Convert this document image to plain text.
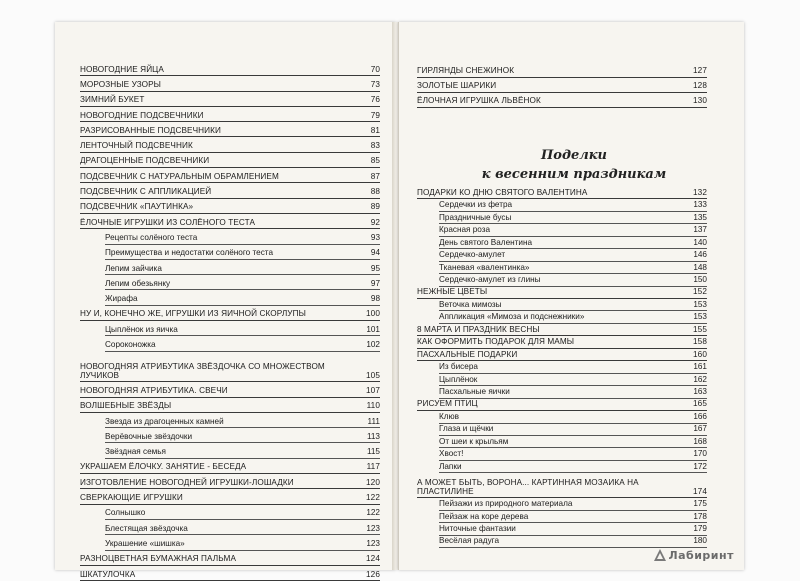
НОВОГОДНИЕ ЯЙЦА	70
МОРОЗНЫЕ УЗОРЫ	73
ЗИМНИЙ БУКЕТ	76
НОВОГОДНИЕ ПОДСВЕЧНИКИ	79
РАЗРИСОВАННЫЕ ПОДСВЕЧНИКИ	81
ЛЕНТОЧНЫЙ ПОДСВЕЧНИК	83
ДРАГОЦЕННЫЕ ПОДСВЕЧНИКИ	85
ПОДСВЕЧНИК С НАТУРАЛЬНЫМ ОБРАМЛЕНИЕМ	87
ПОДСВЕЧНИК С АППЛИКАЦИЕЙ	88
ПОДСВЕЧНИК «ПАУТИНКА»	89
ЁЛОЧНЫЕ ИГРУШКИ ИЗ СОЛЁНОГО ТЕСТА	92
Рецепты солёного теста	93
Преимущества и недостатки солёного теста	94
Лепим зайчика	95
Лепим обезьянку	97
Жирафа	98
НУ И, КОНЕЧНО ЖЕ, ИГРУШКИ ИЗ ЯИЧНОЙ СКОРЛУПЫ	100
Цыплёнок из яичка	101
Сороконожка	102
НОВОГОДНЯЯ АТРИБУТИКА ЗВЁЗДОЧКА СО МНОЖЕСТВОМ ЛУЧИКОВ	105
НОВОГОДНЯЯ АТРИБУТИКА. СВЕЧИ	107
ВОЛШЕБНЫЕ ЗВЁЗДЫ	110
Звезда из драгоценных камней	111
Верёвочные звёздочки	113
Звёздная семья	115
УКРАШАЕМ ЁЛОЧКУ. ЗАНЯТИЕ - БЕСЕДА	117
ИЗГОТОВЛЕНИЕ НОВОГОДНЕЙ ИГРУШКИ-ЛОШАДКИ	120
СВЕРКАЮЩИЕ ИГРУШКИ	122
Солнышко	122
Блестящая звёздочка	123
Украшение «шишка»	123
РАЗНОЦВЕТНАЯ БУМАЖНАЯ ПАЛЬМА	124
ШКАТУЛОЧКА	126
ГИРЛЯНДЫ СНЕЖИНОК	127
ЗОЛОТЫЕ ШАРИКИ	128
ЁЛОЧНАЯ ИГРУШКА ЛЬВЁНОК	130
Поделки
к весенним праздникам
ПОДАРКИ КО ДНЮ СВЯТОГО ВАЛЕНТИНА	132
Сердечки из фетра	133
Праздничные бусы	135
Красная роза	137
День святого Валентина	140
Сердечко-амулет	146
Тканевая «валентинка»	148
Сердечко-амулет из глины	150
НЕЖНЫЕ ЦВЕТЫ	152
Веточка мимозы	153
Аппликация «Мимоза и подснежники»	153
8 МАРТА И ПРАЗДНИК ВЕСНЫ	155
КАК ОФОРМИТЬ ПОДАРОК ДЛЯ МАМЫ	158
ПАСХАЛЬНЫЕ ПОДАРКИ	160
Из бисера	161
Цыплёнок	162
Пасхальные яички	163
РИСУЕМ ПТИЦ	165
Клюв	166
Глаза и щёчки	167
От шеи к крыльям	168
Хвост!	170
Лапки	172
А МОЖЕТ БЫТЬ, ВОРОНА... КАРТИННАЯ МОЗАИКА НА ПЛАСТИЛИНЕ	174
Пейзажи из природного материала	175
Пейзаж на коре дерева	178
Ниточные фантазии	179
Весёлая радуга	180
Лабиринт
